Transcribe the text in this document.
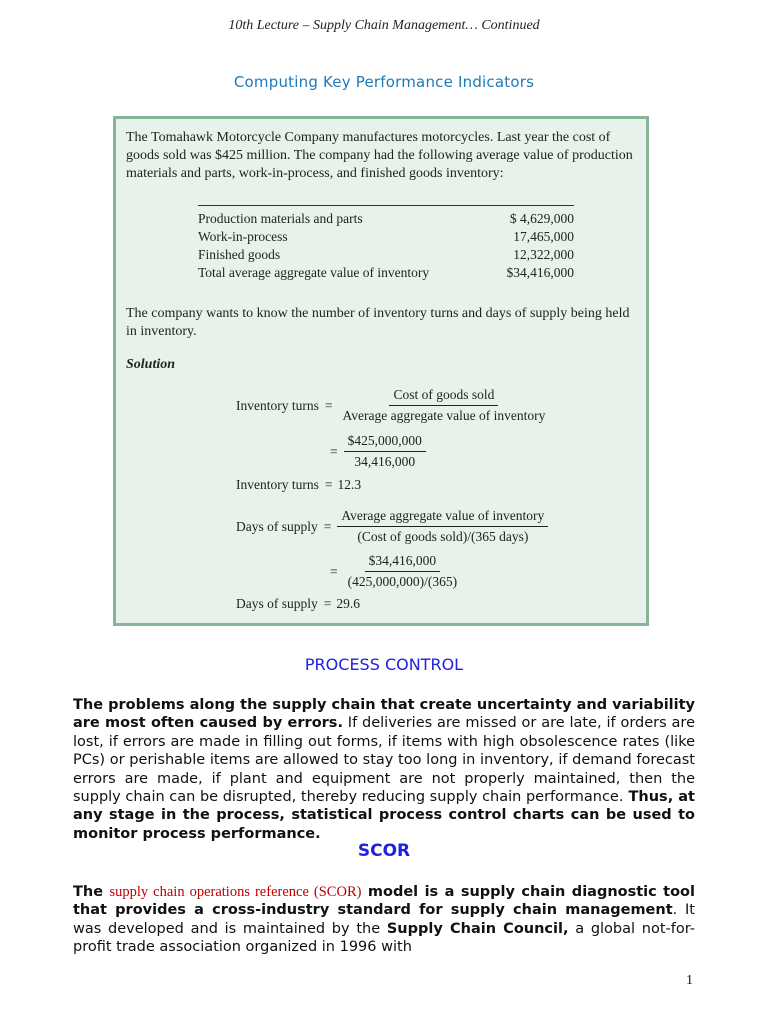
10th Lecture – Supply Chain Management… Continued
Computing Key Performance Indicators

The Tomahawk Motorcycle Company manufactures motorcycles. Last year the cost of goods sold was $425 million. The company had the following average value of production materials and parts, work-in-process, and finished goods inventory:

Production materials and parts	$ 4,629,000
Work-in-process	17,465,000
Finished goods	12,322,000
Total average aggregate value of inventory	$34,416,000

The company wants to know the number of inventory turns and days of supply being held in inventory.

Solution
Inventory turns = $\frac{\text{Cost of goods sold}}{\text{Average aggregate value of inventory}}$
= $\frac{\$425,000,000}{34,416,000}$
Inventory turns = 12.3
Days of supply = $\frac{\text{Average aggregate value of inventory}}{\text{(Cost of goods sold)/(365 days)}}$
= $\frac{\$34,416,000}{(425,000,000)/(365)}$
Days of supply = 29.6
PROCESS CONTROL

The problems along the supply chain that create uncertainty and variability are most often caused by errors. If deliveries are missed or are late, if orders are lost, if errors are made in filling out forms, if items with high obsolescence rates (like PCs) or perishable items are allowed to stay too long in inventory, if demand forecast errors are made, if plant and equipment are not properly maintained, then the supply chain can be disrupted, thereby reducing supply chain performance. Thus, at any stage in the process, statistical process control charts can be used to monitor process performance.

SCOR

The supply chain operations reference (SCOR) model is a supply chain diagnostic tool that provides a cross-industry standard for supply chain management. It was developed and is maintained by the Supply Chain Council, a global not-for-profit trade association organized in 1996 with

1
